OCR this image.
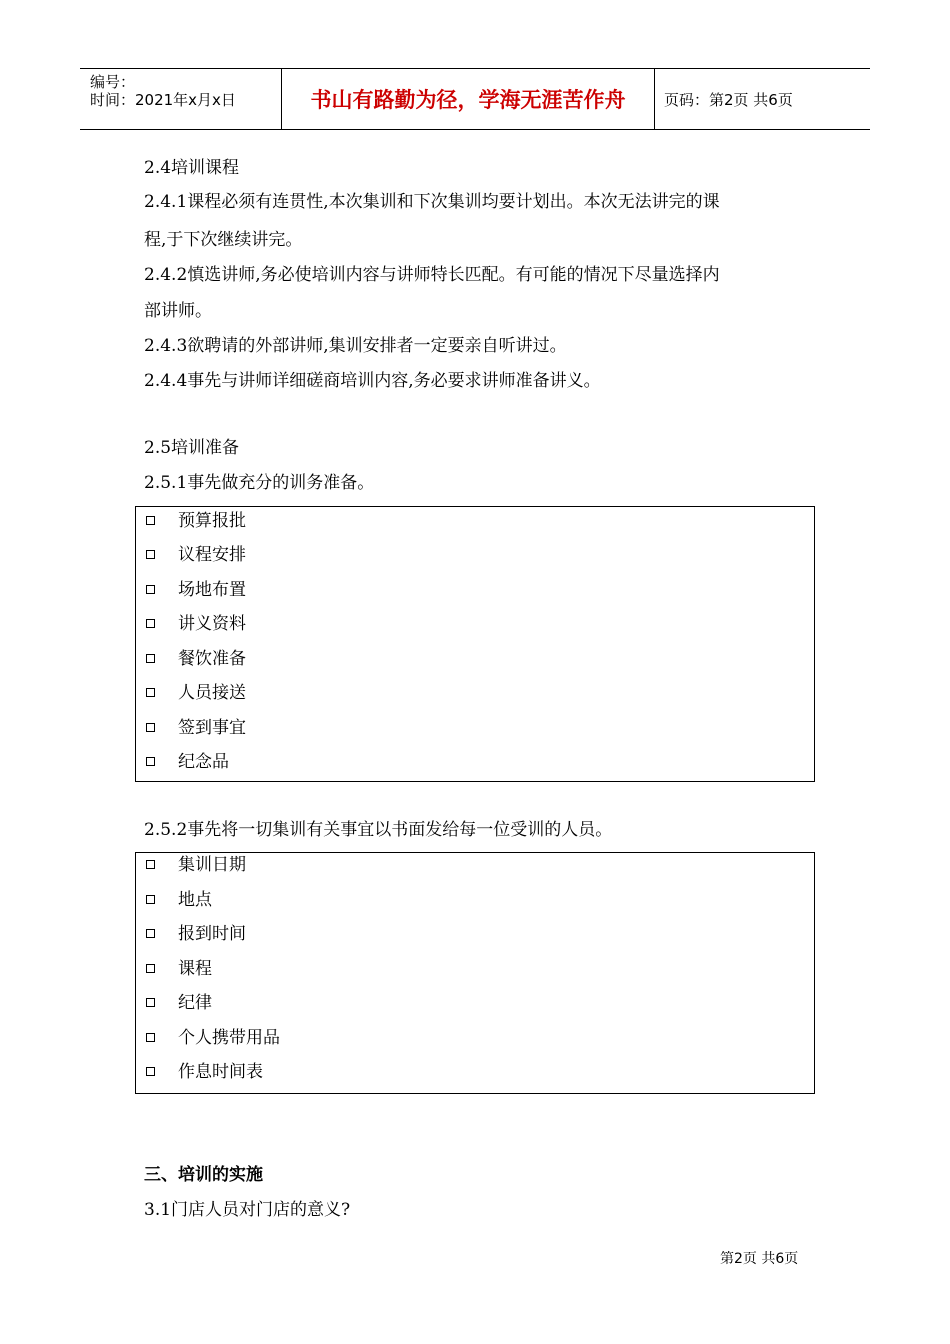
编号：
时间：2021年x月x日	书山有路勤为径，学海无涯苦作舟	页码：第2页 共6页
2.4培训课程
2.4.1课程必须有连贯性,本次集训和下次集训均要计划出。本次无法讲完的课
程,于下次继续讲完。
2.4.2慎选讲师,务必使培训内容与讲师特长匹配。有可能的情况下尽量选择内
部讲师。
2.4.3欲聘请的外部讲师,集训安排者一定要亲自听讲过。
2.4.4事先与讲师详细磋商培训内容,务必要求讲师准备讲义。
2.5培训准备
2.5.1事先做充分的训务准备。
预算报批
议程安排
场地布置
讲义资料
餐饮准备
人员接送
签到事宜
纪念品
2.5.2事先将一切集训有关事宜以书面发给每一位受训的人员。
集训日期
地点
报到时间
课程
纪律
个人携带用品
作息时间表
三、培训的实施
3.1门店人员对门店的意义?
第2页 共6页
